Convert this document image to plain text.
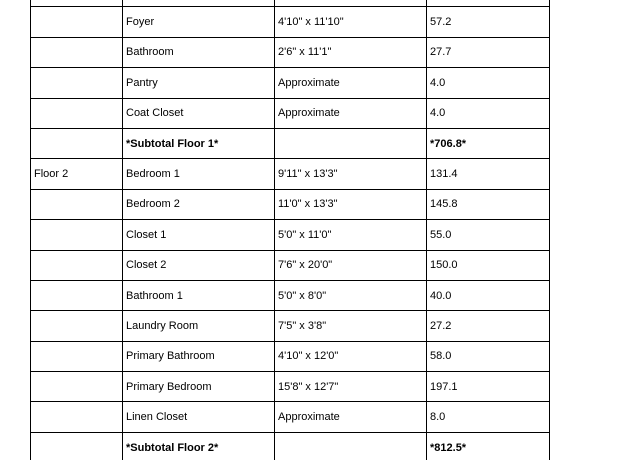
	Foyer	4'10" x 11'10"	57.2
	Bathroom	2'6" x 11'1"	27.7
	Pantry	Approximate	4.0
	Coat Closet	Approximate	4.0
	*Subtotal Floor 1*		*706.8*
Floor 2	Bedroom 1	9'11" x 13'3"	131.4
	Bedroom 2	11'0" x 13'3"	145.8
	Closet 1	5'0" x 11'0"	55.0
	Closet 2	7'6" x 20'0"	150.0
	Bathroom 1	5'0" x 8'0"	40.0
	Laundry Room	7'5" x 3'8"	27.2
	Primary Bathroom	4'10" x 12'0"	58.0
	Primary Bedroom	15'8" x 12'7"	197.1
	Linen Closet	Approximate	8.0
	*Subtotal Floor 2*		*812.5*
